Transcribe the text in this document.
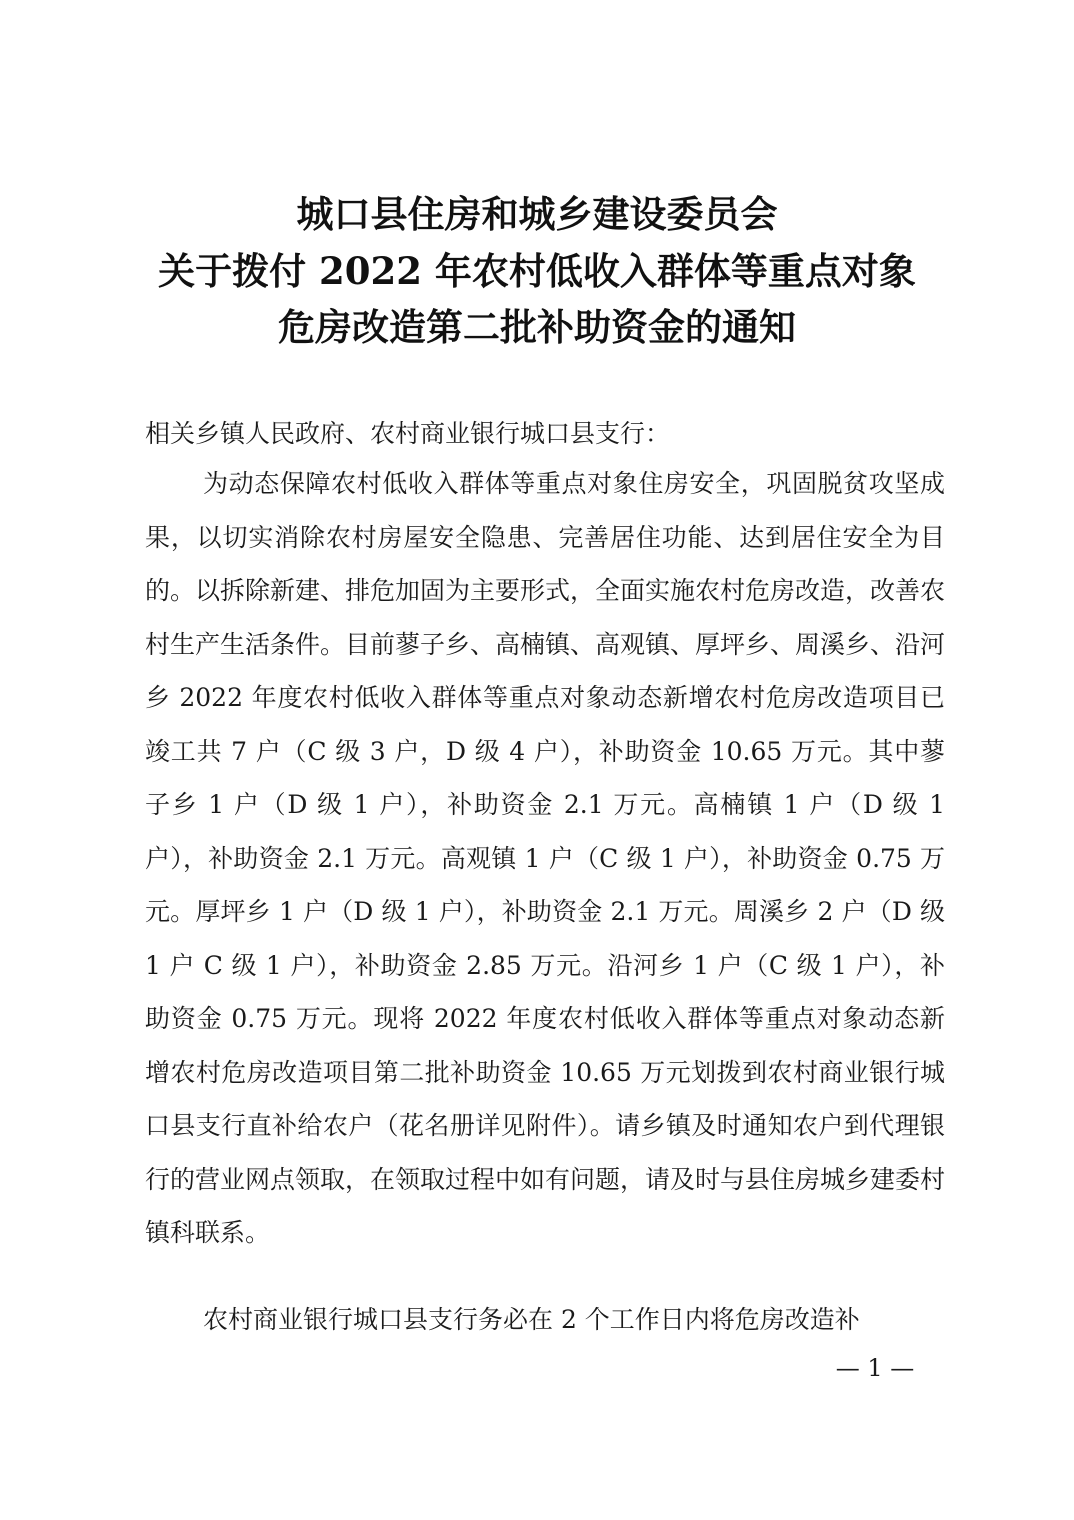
城口县住房和城乡建设委员会
关于拨付 2022 年农村低收入群体等重点对象
危房改造第二批补助资金的通知
相关乡镇人民政府、农村商业银行城口县支行：
为动态保障农村低收入群体等重点对象住房安全，巩固脱贫攻坚成果，以切实消除农村房屋安全隐患、完善居住功能、达到居住安全为目的。以拆除新建、排危加固为主要形式，全面实施农村危房改造，改善农村生产生活条件。目前蓼子乡、高楠镇、高观镇、厚坪乡、周溪乡、沿河乡 2022 年度农村低收入群体等重点对象动态新增农村危房改造项目已竣工共 7 户（C 级 3 户，D 级 4 户），补助资金 10.65 万元。其中蓼子乡 1 户（D 级 1 户），补助资金 2.1 万元。高楠镇 1 户（D 级 1 户），补助资金 2.1 万元。高观镇 1 户（C 级 1 户），补助资金 0.75 万元。厚坪乡 1 户（D 级 1 户），补助资金 2.1 万元。周溪乡 2 户（D 级 1 户 C 级 1 户），补助资金 2.85 万元。沿河乡 1 户（C 级 1 户），补助资金 0.75 万元。现将 2022 年度农村低收入群体等重点对象动态新增农村危房改造项目第二批补助资金 10.65 万元划拨到农村商业银行城口县支行直补给农户（花名册详见附件）。请乡镇及时通知农户到代理银行的营业网点领取，在领取过程中如有问题，请及时与县住房城乡建委村镇科联系。
农村商业银行城口县支行务必在 2 个工作日内将危房改造补
— 1 —
